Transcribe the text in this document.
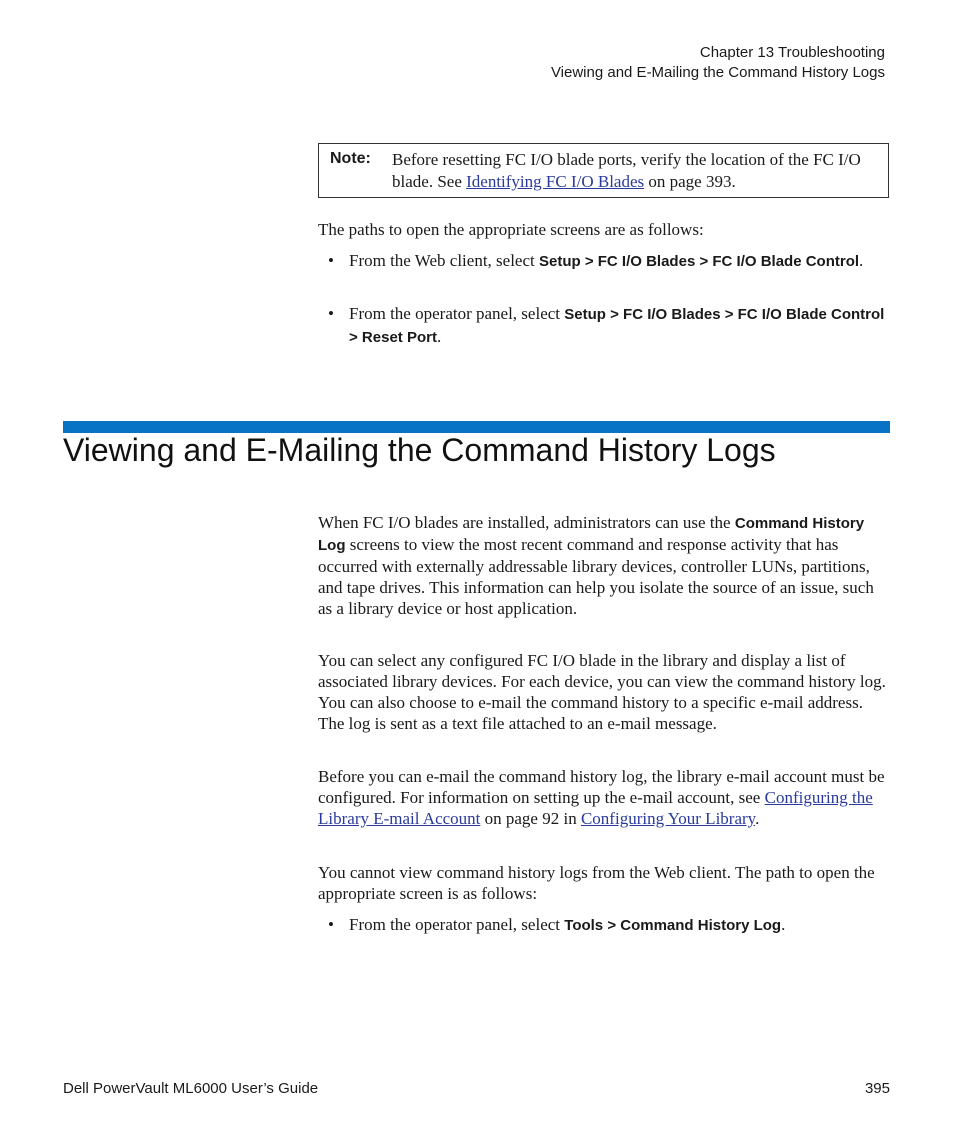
Chapter 13 Troubleshooting
Viewing and E-Mailing the Command History Logs
Note: Before resetting FC I/O blade ports, verify the location of the FC I/O blade. See Identifying FC I/O Blades on page 393.
The paths to open the appropriate screens are as follows:
• From the Web client, select Setup > FC I/O Blades > FC I/O Blade Control.
• From the operator panel, select Setup > FC I/O Blades > FC I/O Blade Control > Reset Port.
Viewing and E-Mailing the Command History Logs
When FC I/O blades are installed, administrators can use the Command History Log screens to view the most recent command and response activity that has occurred with externally addressable library devices, controller LUNs, partitions, and tape drives. This information can help you isolate the source of an issue, such as a library device or host application.
You can select any configured FC I/O blade in the library and display a list of associated library devices. For each device, you can view the command history log. You can also choose to e-mail the command history to a specific e-mail address. The log is sent as a text file attached to an e-mail message.
Before you can e-mail the command history log, the library e-mail account must be configured. For information on setting up the e-mail account, see Configuring the Library E-mail Account on page 92 in Configuring Your Library.
You cannot view command history logs from the Web client. The path to open the appropriate screen is as follows:
• From the operator panel, select Tools > Command History Log.
Dell PowerVault ML6000 User’s Guide	395
